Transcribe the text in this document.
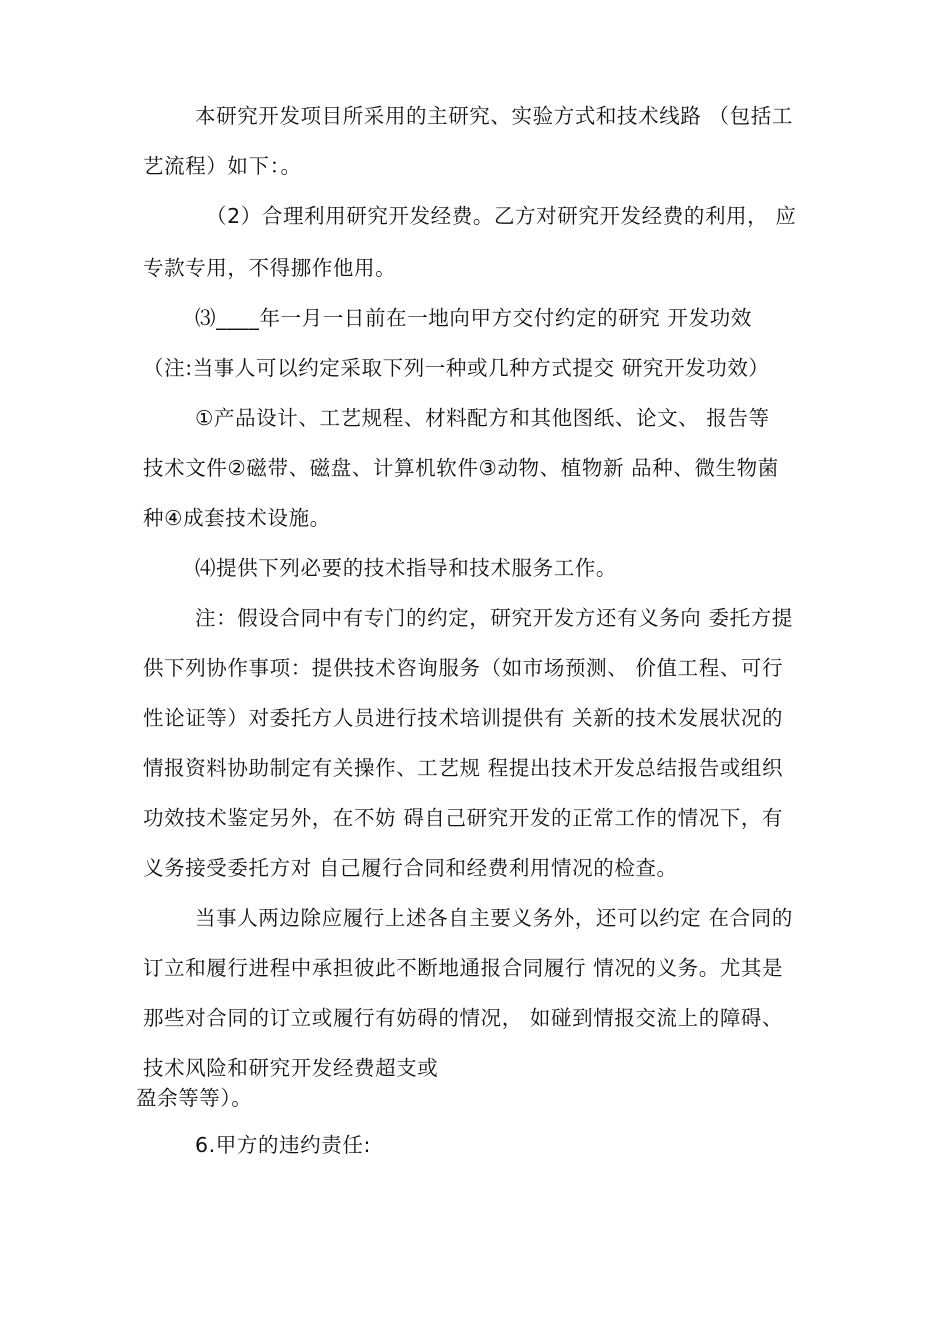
本研究开发项目所采用的主研究、实验方式和技术线路 （包括工
艺流程）如下：。
（2）合理利用研究开发经费。乙方对研究开发经费的利用， 应
专款专用，不得挪作他用。
⑶____年一月一日前在一地向甲方交付约定的研究 开发功效
（注:当事人可以约定采取下列一种或几种方式提交 研究开发功效）
①产品设计、工艺规程、材料配方和其他图纸、论文、 报告等
技术文件②磁带、磁盘、计算机软件③动物、植物新 品种、微生物菌
种④成套技术设施。
⑷提供下列必要的技术指导和技术服务工作。
注：假设合同中有专门的约定，研究开发方还有义务向 委托方提
供下列协作事项：提供技术咨询服务（如市场预测、 价值工程、可行
性论证等）对委托方人员进行技术培训提供有 关新的技术发展状况的
情报资料协助制定有关操作、工艺规 程提出技术开发总结报告或组织
功效技术鉴定另外，在不妨 碍自己研究开发的正常工作的情况下，有
义务接受委托方对 自己履行合同和经费利用情况的检查。
当事人两边除应履行上述各自主要义务外，还可以约定 在合同的
订立和履行进程中承担彼此不断地通报合同履行 情况的义务。尤其是
那些对合同的订立或履行有妨碍的情况， 如碰到情报交流上的障碍、
技术风险和研究开发经费超支或
盈余等等）。
6.甲方的违约责任:
